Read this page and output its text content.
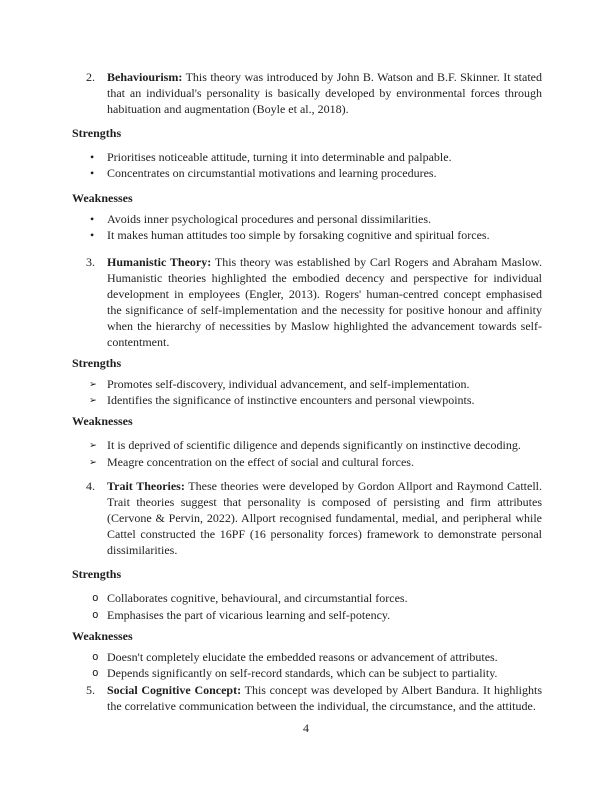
2. Behaviourism: This theory was introduced by John B. Watson and B.F. Skinner. It stated that an individual's personality is basically developed by environmental forces through habituation and augmentation (Boyle et al., 2018).
Strengths
• Prioritises noticeable attitude, turning it into determinable and palpable.
• Concentrates on circumstantial motivations and learning procedures.
Weaknesses
• Avoids inner psychological procedures and personal dissimilarities.
• It makes human attitudes too simple by forsaking cognitive and spiritual forces.
3. Humanistic Theory: This theory was established by Carl Rogers and Abraham Maslow. Humanistic theories highlighted the embodied decency and perspective for individual development in employees (Engler, 2013). Rogers' human-centred concept emphasised the significance of self-implementation and the necessity for positive honour and affinity when the hierarchy of necessities by Maslow highlighted the advancement towards self-contentment.
Strengths
➢ Promotes self-discovery, individual advancement, and self-implementation.
➢ Identifies the significance of instinctive encounters and personal viewpoints.
Weaknesses
➢ It is deprived of scientific diligence and depends significantly on instinctive decoding.
➢ Meagre concentration on the effect of social and cultural forces.
4. Trait Theories: These theories were developed by Gordon Allport and Raymond Cattell. Trait theories suggest that personality is composed of persisting and firm attributes (Cervone & Pervin, 2022). Allport recognised fundamental, medial, and peripheral while Cattel constructed the 16PF (16 personality forces) framework to demonstrate personal dissimilarities.
Strengths
o Collaborates cognitive, behavioural, and circumstantial forces.
o Emphasises the part of vicarious learning and self-potency.
Weaknesses
o Doesn't completely elucidate the embedded reasons or advancement of attributes.
o Depends significantly on self-record standards, which can be subject to partiality.
5. Social Cognitive Concept: This concept was developed by Albert Bandura. It highlights the correlative communication between the individual, the circumstance, and the attitude.
4
